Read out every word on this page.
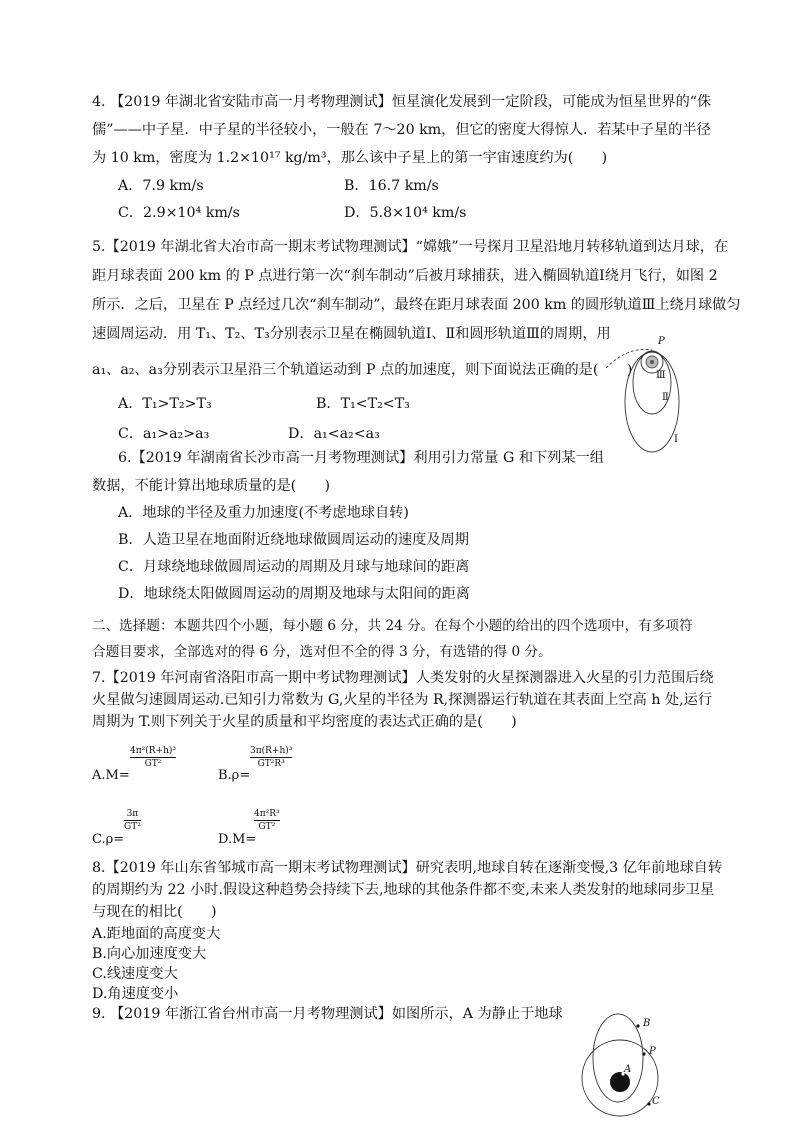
4. 【2019 年湖北省安陆市高一月考物理测试】恒星演化发展到一定阶段，可能成为恒星世界的“侏
儒”——中子星．中子星的半径较小，一般在 7～20 km，但它的密度大得惊人．若某中子星的半径
为 10 km，密度为 1.2×10¹⁷ kg/m³，那么该中子星上的第一宇宙速度约为(　　)
A．7.9 km/s	B．16.7 km/s
C．2.9×10⁴ km/s	D．5.8×10⁴ km/s
5.【2019 年湖北省大冶市高一期末考试物理测试】“嫦娥”一号探月卫星沿地月转移轨道到达月球，在
距月球表面 200 km 的 P 点进行第一次“刹车制动”后被月球捕获，进入椭圆轨道Ⅰ绕月飞行，如图 2
所示．之后，卫星在 P 点经过几次“刹车制动”，最终在距月球表面 200 km 的圆形轨道Ⅲ上绕月球做匀
速圆周运动．用 T₁、T₂、T₃分别表示卫星在椭圆轨道Ⅰ、Ⅱ和圆形轨道Ⅲ的周期，用
a₁、a₂、a₃分别表示卫星沿三个轨道运动到 P 点的加速度，则下面说法正确的是(　　)
A．T₁>T₂>T₃	B．T₁<T₂<T₃
C．a₁>a₂>a₃	D．a₁<a₂<a₃
P
Ⅲ
Ⅱ
Ⅰ
6.【2019 年湖南省长沙市高一月考物理测试】利用引力常量 G 和下列某一组
数据，不能计算出地球质量的是(　　)
A．地球的半径及重力加速度(不考虑地球自转)
B．人造卫星在地面附近绕地球做圆周运动的速度及周期
C．月球绕地球做圆周运动的周期及月球与地球间的距离
D．地球绕太阳做圆周运动的周期及地球与太阳间的距离
二、选择题：本题共四个小题，每小题 6 分，共 24 分。在每个小题的给出的四个选项中，有多项符
合题目要求，全部选对的得 6 分，选对但不全的得 3 分，有选错的得 0 分。
7.【2019 年河南省洛阳市高一期中考试物理测试】人类发射的火星探测器进入火星的引力范围后绕
火星做匀速圆周运动.已知引力常数为 G,火星的半径为 R,探测器运行轨道在其表面上空高 h 处,运行
周期为 T.则下列关于火星的质量和平均密度的表达式正确的是(　　)
A.M=
4π²(R+h)³
GT²
B.ρ=
3π(R+h)³
GT²R³
C.ρ=
3π
GT²
D.M=
4π²R³
GT²
8.【2019 年山东省邹城市高一期末考试物理测试】研究表明,地球自转在逐渐变慢,3 亿年前地球自转
的周期约为 22 小时.假设这种趋势会持续下去,地球的其他条件都不变,未来人类发射的地球同步卫星
与现在的相比(　　)
A.距地面的高度变大
B.向心加速度变大
C.线速度变大
D.角速度变小
9. 【2019 年浙江省台州市高一月考物理测试】如图所示，A 为静止于地球
B
P
A
C
